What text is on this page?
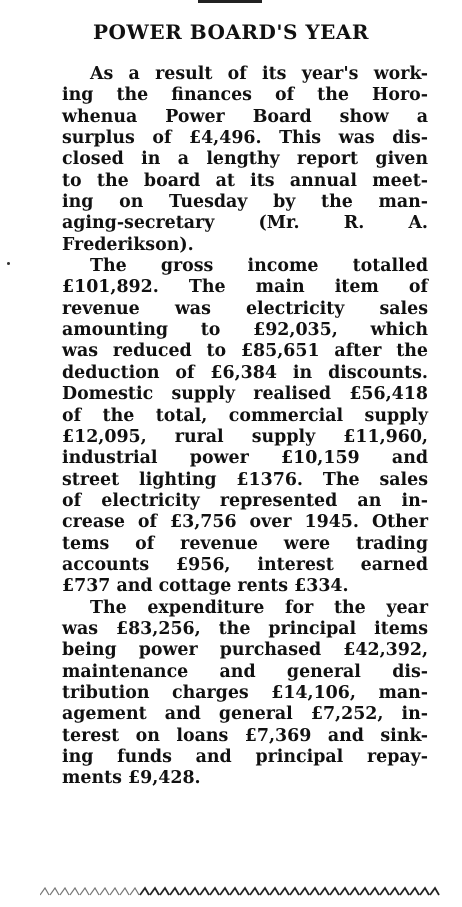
POWER BOARD'S YEAR
As a result of its year's work-
ing the finances of the Horo-
whenua Power Board show a
surplus of £4,496. This was dis-
closed in a lengthy report given
to the board at its annual meet-
ing on Tuesday by the man-
aging-secretary (Mr. R. A.
Frederikson).
The gross income totalled
£101,892. The main item of
revenue was electricity sales
amounting to £92,035, which
was reduced to £85,651 after the
deduction of £6,384 in discounts.
Domestic supply realised £56,418
of the total, commercial supply
£12,095, rural supply £11,960,
industrial power £10,159 and
street lighting £1376. The sales
of electricity represented an in-
crease of £3,756 over 1945. Other
tems of revenue were trading
accounts £956, interest earned
£737 and cottage rents £334.
The expenditure for the year
was £83,256, the principal items
being power purchased £42,392,
maintenance and general dis-
tribution charges £14,106, man-
agement and general £7,252, in-
terest on loans £7,369 and sink-
ing funds and principal repay-
ments £9,428.
